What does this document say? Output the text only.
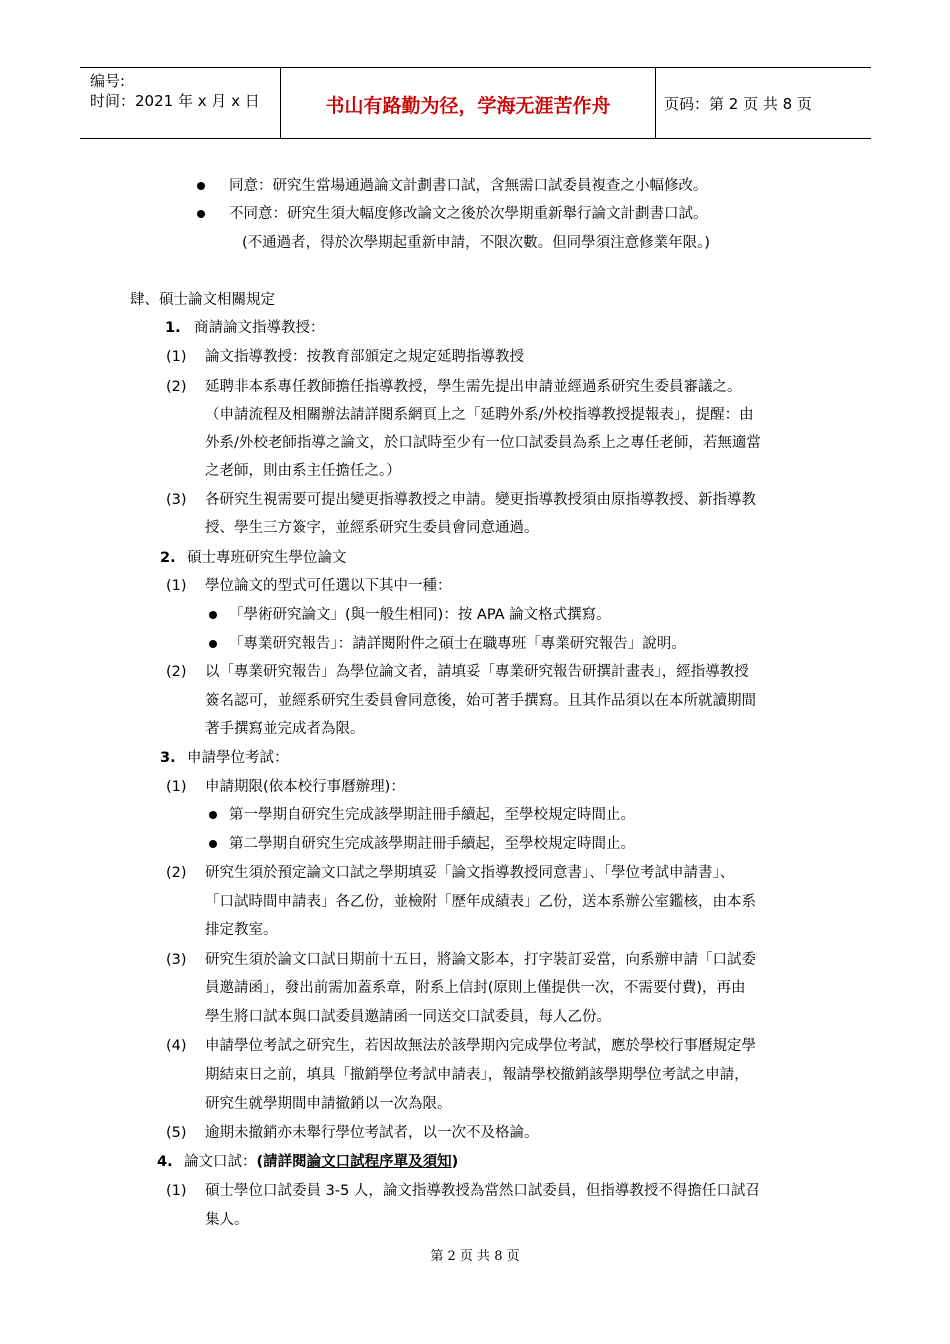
编号:
时间：2021 年 x 月 x 日	书山有路勤为径，学海无涯苦作舟	页码：第 2 页 共 8 页
同意：研究生當場通過論文計劃書口試，含無需口試委員複查之小幅修改。
不同意：研究生須大幅度修改論文之後於次學期重新舉行論文計劃書口試。
(不通過者，得於次學期起重新申請，不限次數。但同學須注意修業年限。)
肆、碩士論文相關規定
1. 商請論文指導教授：
(1) 論文指導教授：按教育部頒定之規定延聘指導教授
(2) 延聘非本系專任教師擔任指導教授，學生需先提出申請並經過系研究生委員審議之。
（申請流程及相關辦法請詳閱系網頁上之「延聘外系/外校指導教授提報表」，提醒：由
外系/外校老師指導之論文，於口試時至少有一位口試委員為系上之專任老師，若無適當
之老師，則由系主任擔任之。）
(3) 各研究生視需要可提出變更指導教授之申請。變更指導教授須由原指導教授、新指導教
授、學生三方簽字，並經系研究生委員會同意通過。
2. 碩士專班研究生學位論文
(1) 學位論文的型式可任選以下其中一種：
「學術研究論文」(與一般生相同)：按 APA 論文格式撰寫。
「專業研究報告」：請詳閱附件之碩士在職專班「專業研究報告」說明。
(2) 以「專業研究報告」為學位論文者，請填妥「專業研究報告研撰計畫表」，經指導教授
簽名認可，並經系研究生委員會同意後，始可著手撰寫。且其作品須以在本所就讀期間
著手撰寫並完成者為限。
3. 申請學位考試：
(1) 申請期限(依本校行事曆辦理)：
第一學期自研究生完成該學期註冊手續起，至學校規定時間止。
第二學期自研究生完成該學期註冊手續起，至學校規定時間止。
(2) 研究生須於預定論文口試之學期填妥「論文指導教授同意書」、「學位考試申請書」、
「口試時間申請表」各乙份，並檢附「歷年成績表」乙份，送本系辦公室鑑核，由本系
排定教室。
(3) 研究生須於論文口試日期前十五日，將論文影本，打字裝訂妥當，向系辦申請「口試委
員邀請函」，發出前需加蓋系章，附系上信封(原則上僅提供一次，不需要付費)，再由
學生將口試本與口試委員邀請函一同送交口試委員，每人乙份。
(4) 申請學位考試之研究生，若因故無法於該學期內完成學位考試，應於學校行事曆規定學
期結束日之前，填具「撤銷學位考試申請表」，報請學校撤銷該學期學位考試之申請，
研究生就學期間申請撤銷以一次為限。
(5) 逾期未撤銷亦未舉行學位考試者，以一次不及格論。
4. 論文口試：(請詳閱論文口試程序單及須知)
(1) 碩士學位口試委員 3-5 人，論文指導教授為當然口試委員，但指導教授不得擔任口試召
集人。
第 2 页 共 8 页
